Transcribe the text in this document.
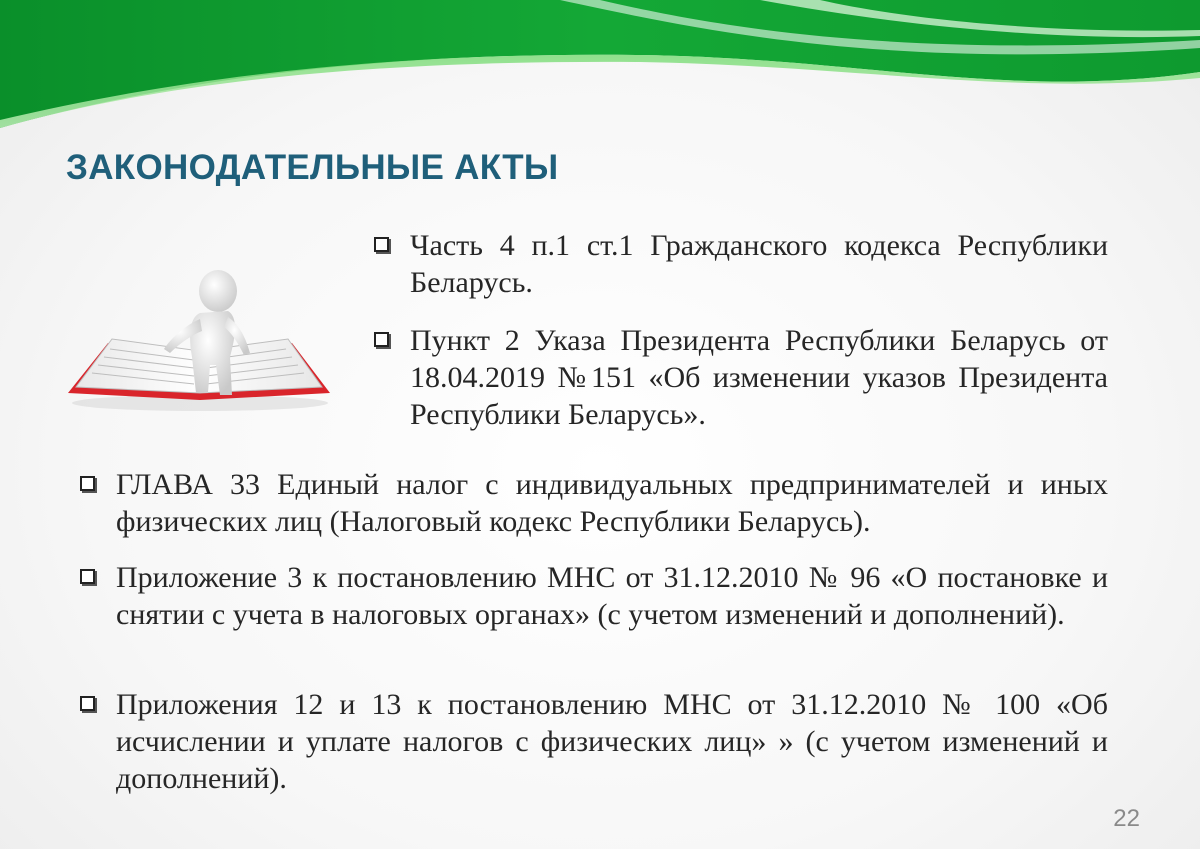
ЗАКОНОДАТЕЛЬНЫЕ АКТЫ
Часть 4 п.1 ст.1 Гражданского кодекса Республики Беларусь.
Пункт 2 Указа Президента Республики Беларусь от 18.04.2019 №151 «Об изменении указов Президента Республики Беларусь».
ГЛАВА 33 Единый налог с индивидуальных предпринимателей и иных физических лиц (Налоговый кодекс Республики Беларусь).
Приложение 3 к постановлению МНС от 31.12.2010 № 96 «О постановке и снятии с учета в налоговых органах» (с учетом изменений и дополнений).
Приложения 12 и 13 к постановлению МНС от 31.12.2010 № 100 «Об исчислении и уплате налогов с физических лиц» » (с учетом изменений и дополнений).
22
